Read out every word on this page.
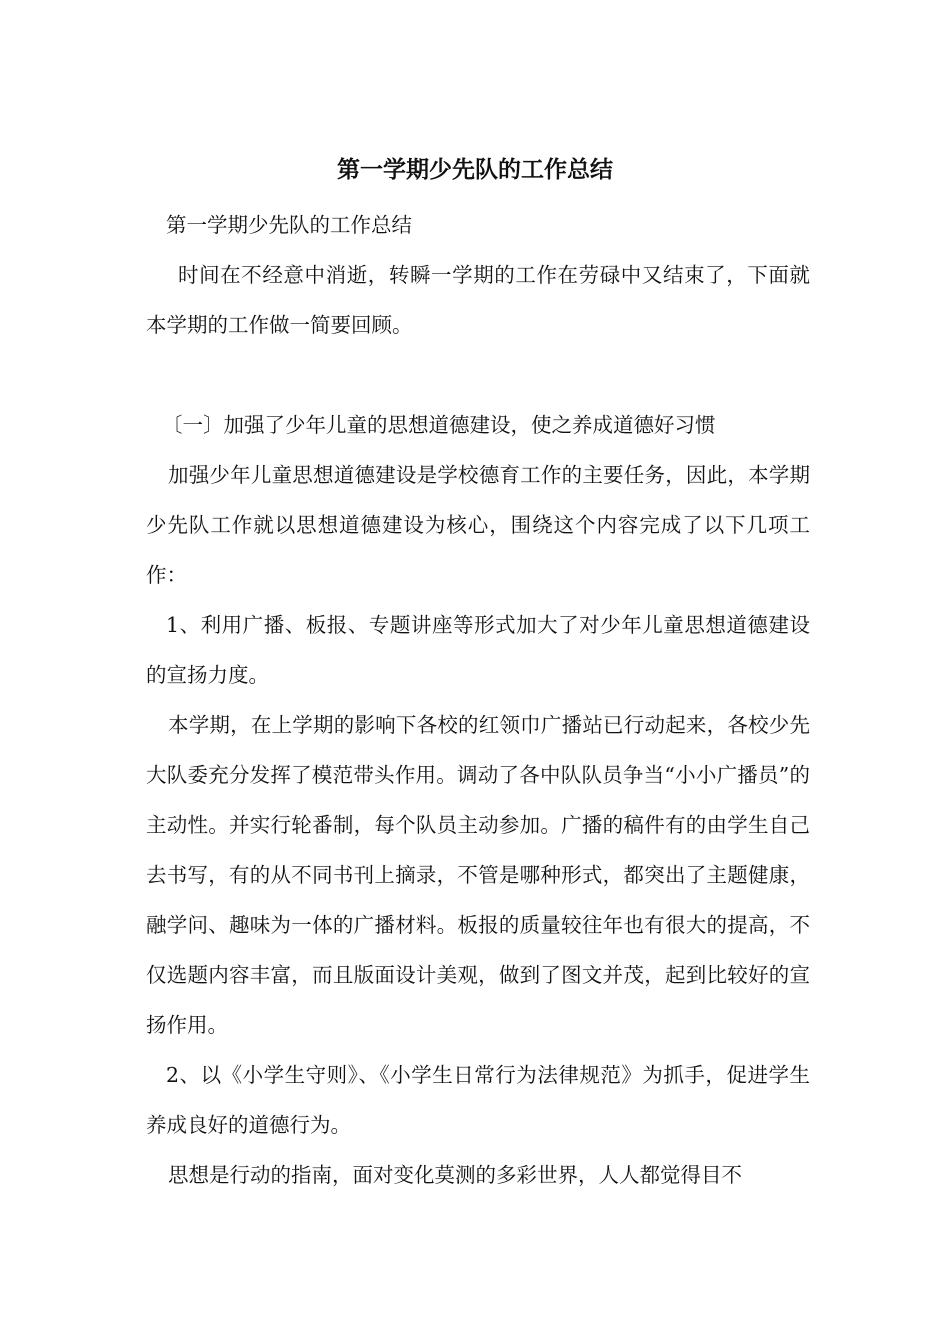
第一学期少先队的工作总结

第一学期少先队的工作总结

时间在不经意中消逝，转瞬一学期的工作在劳碌中又结束了，下面就本学期的工作做一简要回顾。

〔一〕加强了少年儿童的思想道德建设，使之养成道德好习惯

加强少年儿童思想道德建设是学校德育工作的主要任务，因此，本学期少先队工作就以思想道德建设为核心，围绕这个内容完成了以下几项工作：

1、利用广播、板报、专题讲座等形式加大了对少年儿童思想道德建设的宣扬力度。

本学期，在上学期的影响下各校的红领巾广播站已行动起来，各校少先大队委充分发挥了模范带头作用。调动了各中队队员争当“小小广播员”的主动性。并实行轮番制，每个队员主动参加。广播的稿件有的由学生自己去书写，有的从不同书刊上摘录，不管是哪种形式，都突出了主题健康，融学问、趣味为一体的广播材料。板报的质量较往年也有很大的提高，不仅选题内容丰富，而且版面设计美观，做到了图文并茂，起到比较好的宣扬作用。

2、以《小学生守则》、《小学生日常行为法律规范》为抓手，促进学生养成良好的道德行为。

思想是行动的指南，面对变化莫测的多彩世界，人人都觉得目不
